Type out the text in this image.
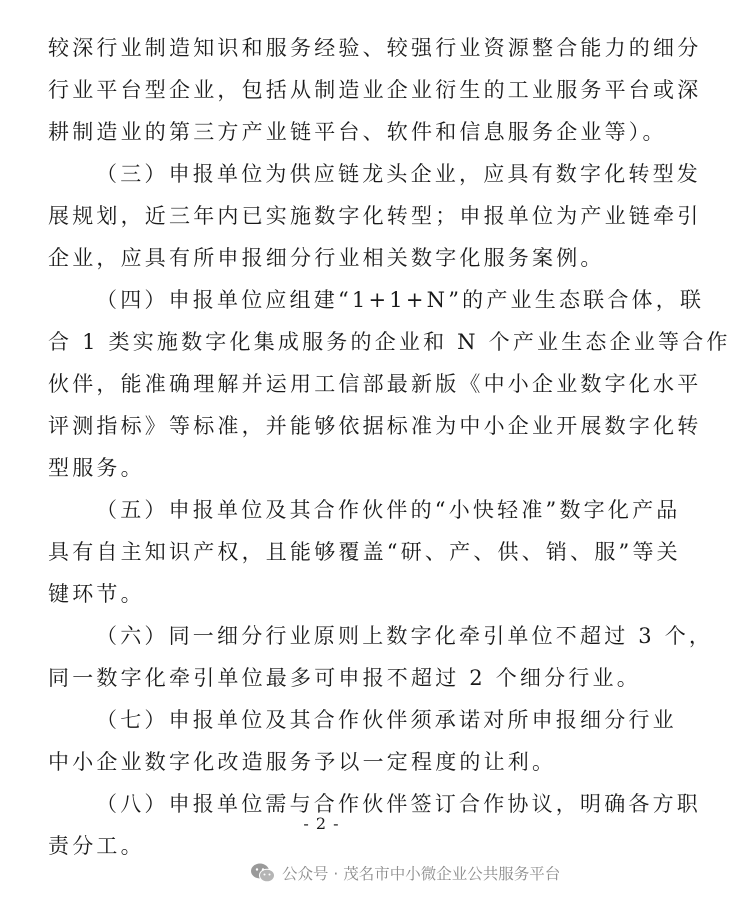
较深行业制造知识和服务经验、较强行业资源整合能力的细分
行业平台型企业，包括从制造业企业衍生的工业服务平台或深
耕制造业的第三方产业链平台、软件和信息服务企业等）。
（三）申报单位为供应链龙头企业，应具有数字化转型发
展规划，近三年内已实施数字化转型；申报单位为产业链牵引
企业，应具有所申报细分行业相关数字化服务案例。
（四）申报单位应组建“1+1+N”的产业生态联合体，联
合 1 类实施数字化集成服务的企业和 N 个产业生态企业等合作
伙伴，能准确理解并运用工信部最新版《中小企业数字化水平
评测指标》等标准，并能够依据标准为中小企业开展数字化转
型服务。
（五）申报单位及其合作伙伴的“小快轻准”数字化产品
具有自主知识产权，且能够覆盖“研、产、供、销、服”等关
键环节。
（六）同一细分行业原则上数字化牵引单位不超过 3 个，
同一数字化牵引单位最多可申报不超过 2 个细分行业。
（七）申报单位及其合作伙伴须承诺对所申报细分行业
中小企业数字化改造服务予以一定程度的让利。
（八）申报单位需与合作伙伴签订合作协议，明确各方职
责分工。
- 2 -
公众号 · 茂名市中小微企业公共服务平台
